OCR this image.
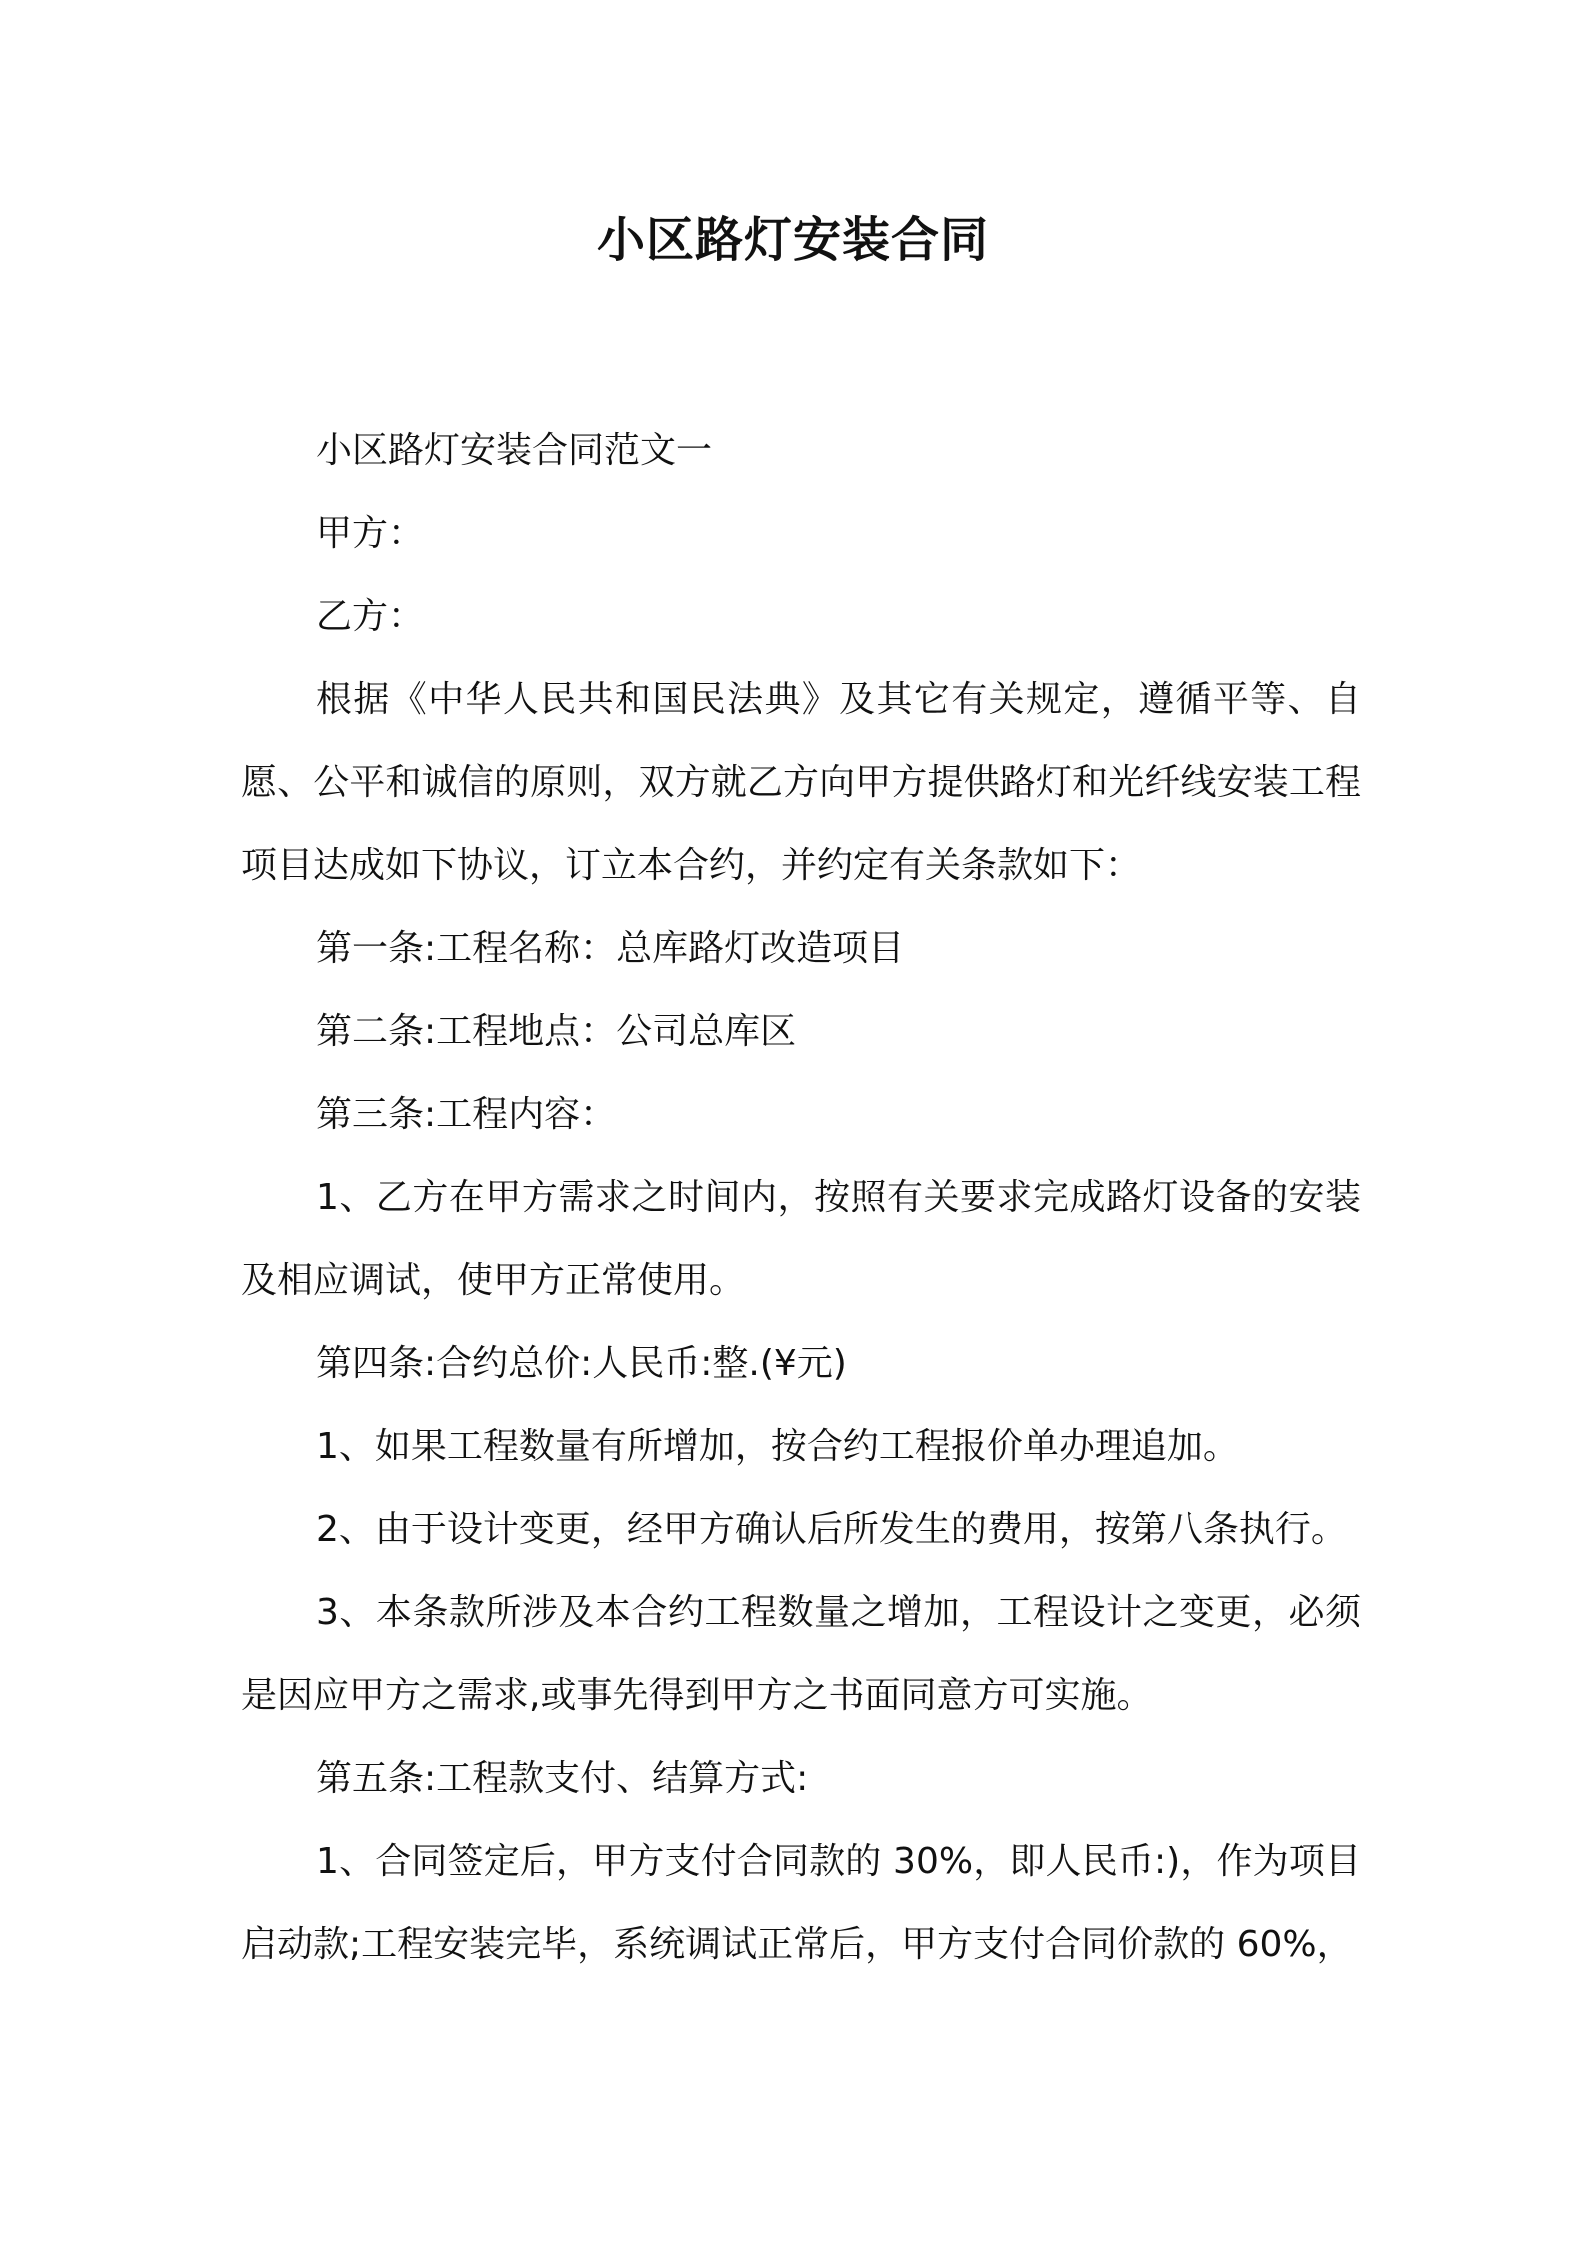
小区路灯安装合同

小区路灯安装合同范文一

甲方：

乙方：

根据《中华人民共和国民法典》及其它有关规定，遵循平等、自愿、公平和诚信的原则，双方就乙方向甲方提供路灯和光纤线安装工程项目达成如下协议，订立本合约，并约定有关条款如下：

第一条:工程名称：总库路灯改造项目

第二条:工程地点：公司总库区

第三条:工程内容：

1、乙方在甲方需求之时间内，按照有关要求完成路灯设备的安装及相应调试，使甲方正常使用。

第四条:合约总价:人民币:整.(¥元)

1、如果工程数量有所增加，按合约工程报价单办理追加。

2、由于设计变更，经甲方确认后所发生的费用，按第八条执行。

3、本条款所涉及本合约工程数量之增加，工程设计之变更，必须是因应甲方之需求,或事先得到甲方之书面同意方可实施。

第五条:工程款支付、结算方式:

1、合同签定后，甲方支付合同款的 30%，即人民币:)，作为项目启动款;工程安装完毕，系统调试正常后，甲方支付合同价款的 60%，
